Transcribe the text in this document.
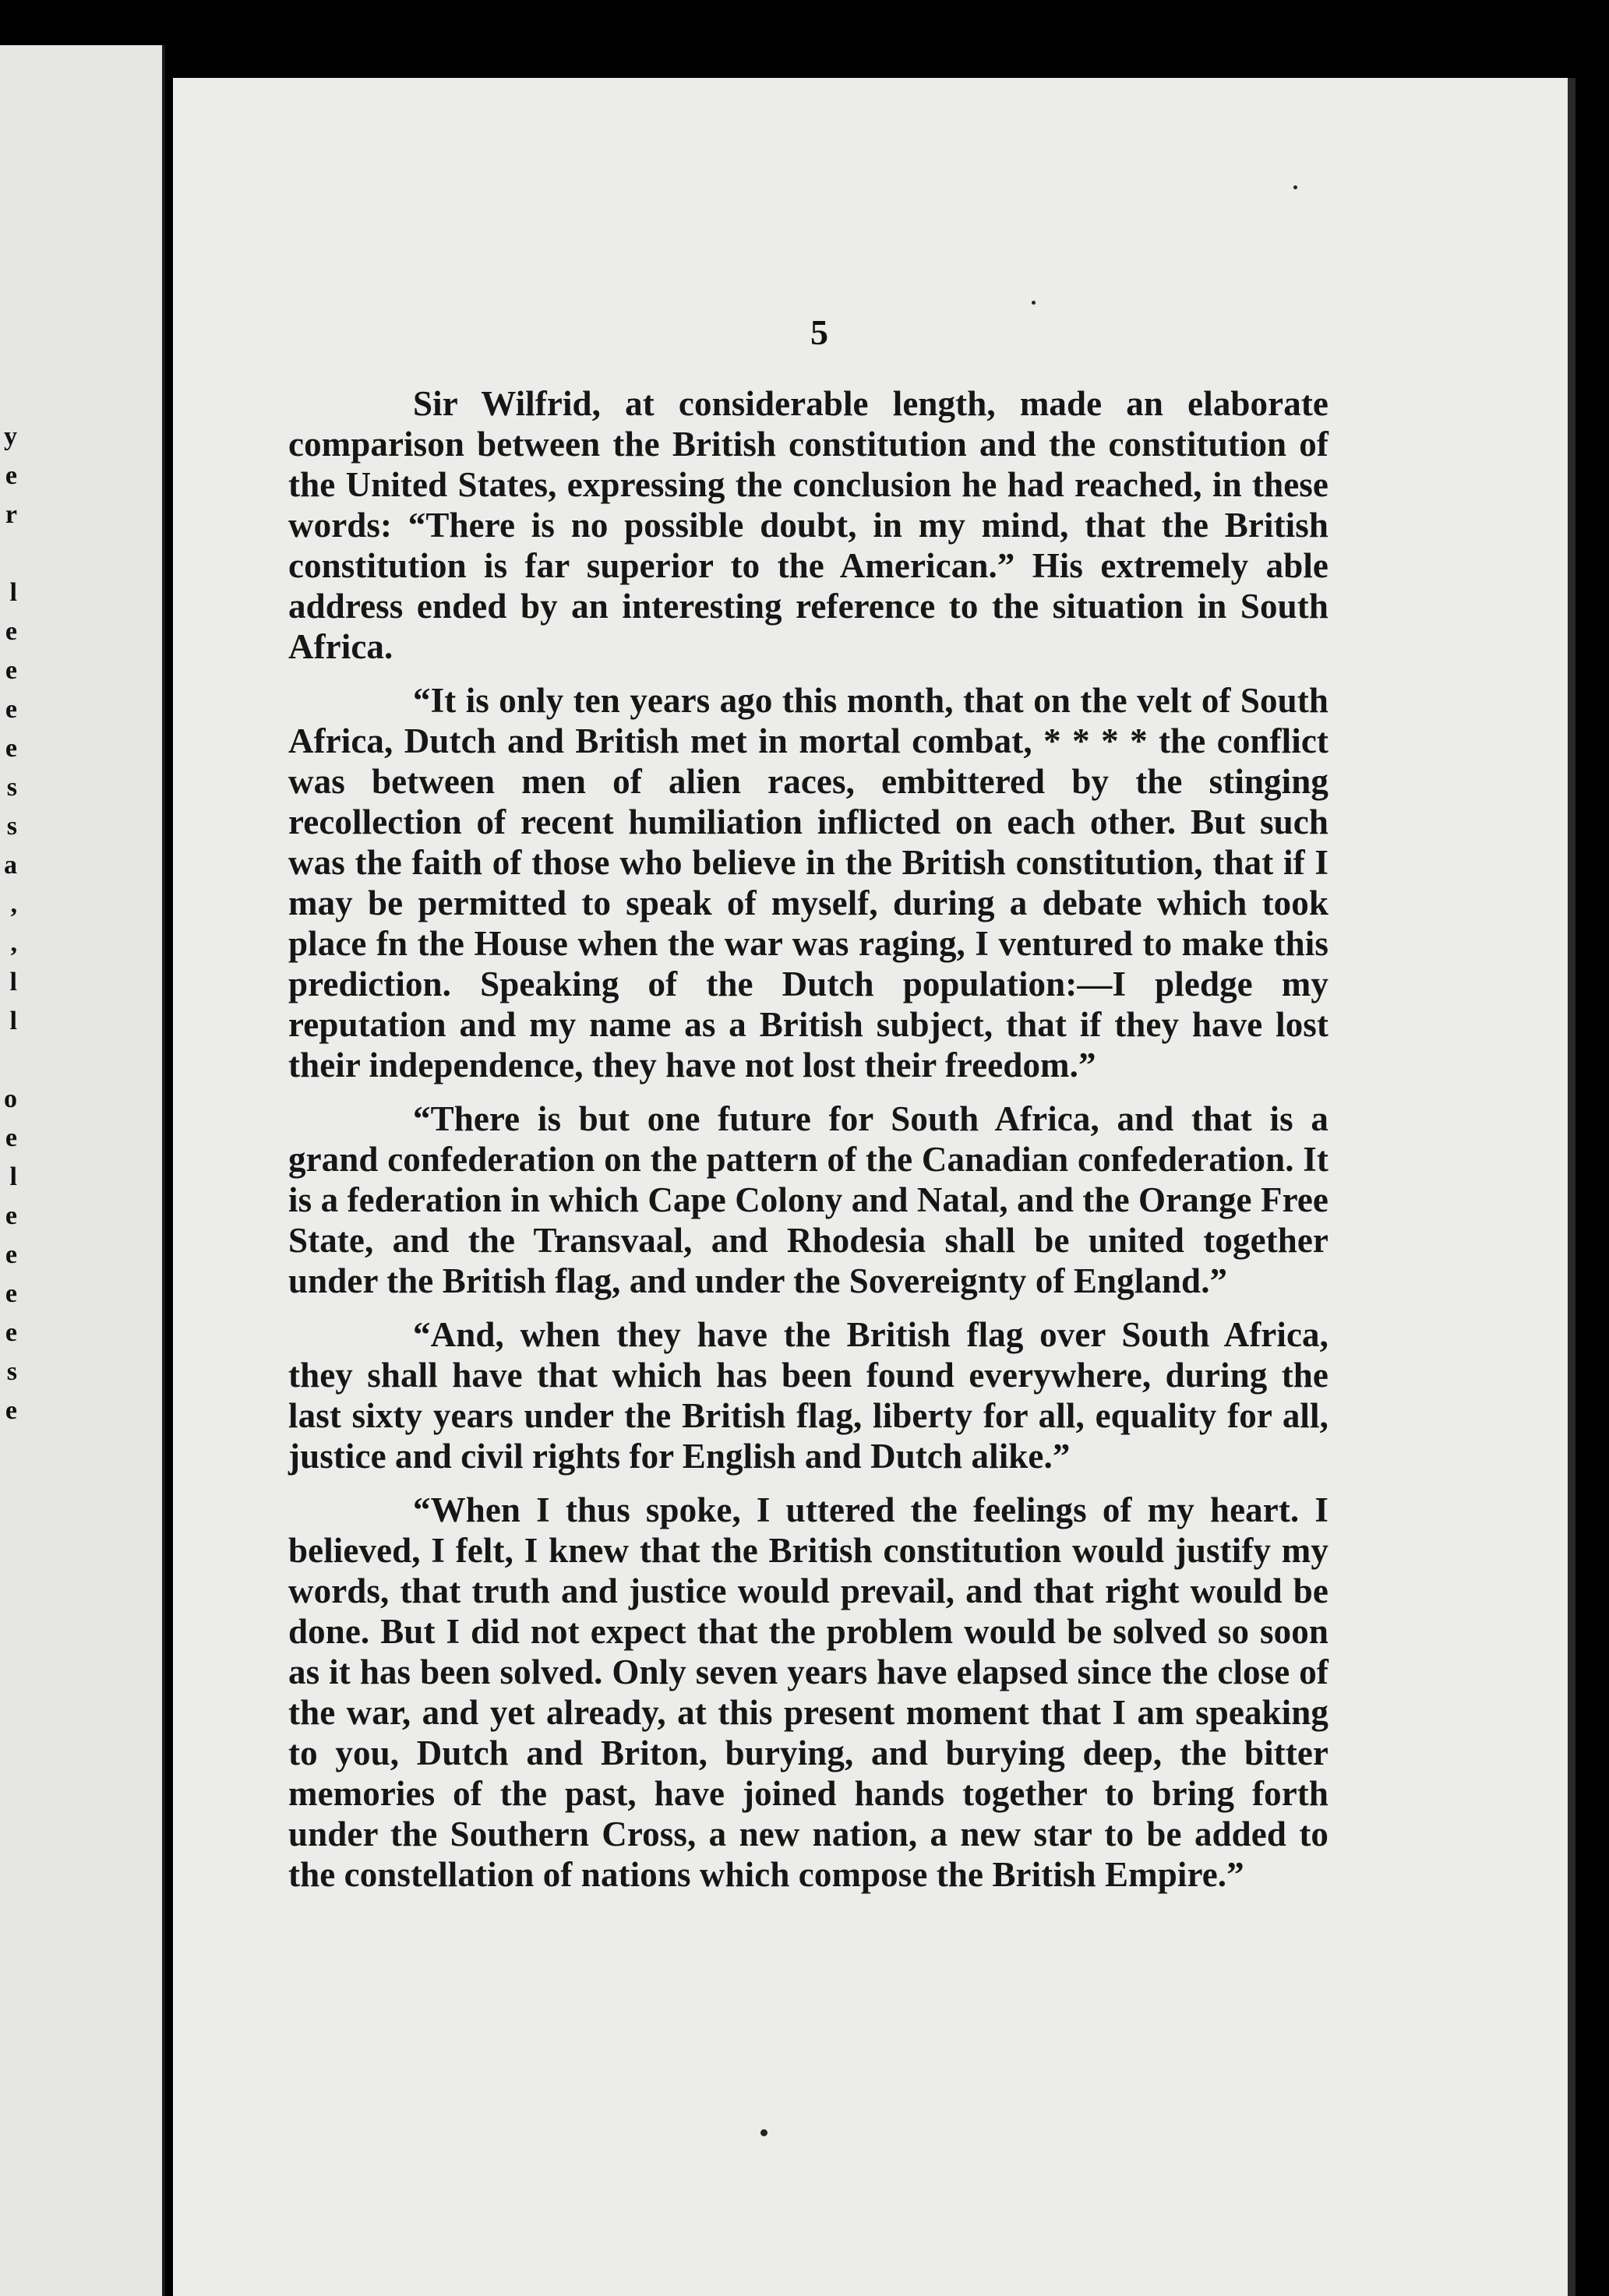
y
e
r

l
e
e
e
e
s
s
a
,
,
l
l

o
e
l
e
e
e
e
s
e
5

Sir Wilfrid, at considerable length, made an elaborate comparison between the British constitution and the constitution of the United States, expressing the conclusion he had reached, in these words: “There is no possible doubt, in my mind, that the British constitution is far superior to the American.” His extremely able address ended by an interesting reference to the situation in South Africa.

“It is only ten years ago this month, that on the velt of South Africa, Dutch and British met in mortal combat, * * * * the conflict was between men of alien races, embittered by the stinging recollection of recent humiliation inflicted on each other. But such was the faith of those who believe in the British constitution, that if I may be permitted to speak of myself, during a debate which took place fn the House when the war was raging, I ventured to make this prediction. Speaking of the Dutch population:—I pledge my reputation and my name as a British subject, that if they have lost their independence, they have not lost their freedom.”

“There is but one future for South Africa, and that is a grand confederation on the pattern of the Canadian confederation. It is a federation in which Cape Colony and Natal, and the Orange Free State, and the Transvaal, and Rhodesia shall be united together under the British flag, and under the Sovereignty of England.”

“And, when they have the British flag over South Africa, they shall have that which has been found everywhere, during the last sixty years under the British flag, liberty for all, equality for all, justice and civil rights for English and Dutch alike.”

“When I thus spoke, I uttered the feelings of my heart. I believed, I felt, I knew that the British constitution would justify my words, that truth and justice would prevail, and that right would be done. But I did not expect that the problem would be solved so soon as it has been solved. Only seven years have elapsed since the close of the war, and yet already, at this present moment that I am speaking to you, Dutch and Briton, burying, and burying deep, the bitter memories of the past, have joined hands together to bring forth under the Southern Cross, a new nation, a new star to be added to the constellation of nations which compose the British Empire.”
